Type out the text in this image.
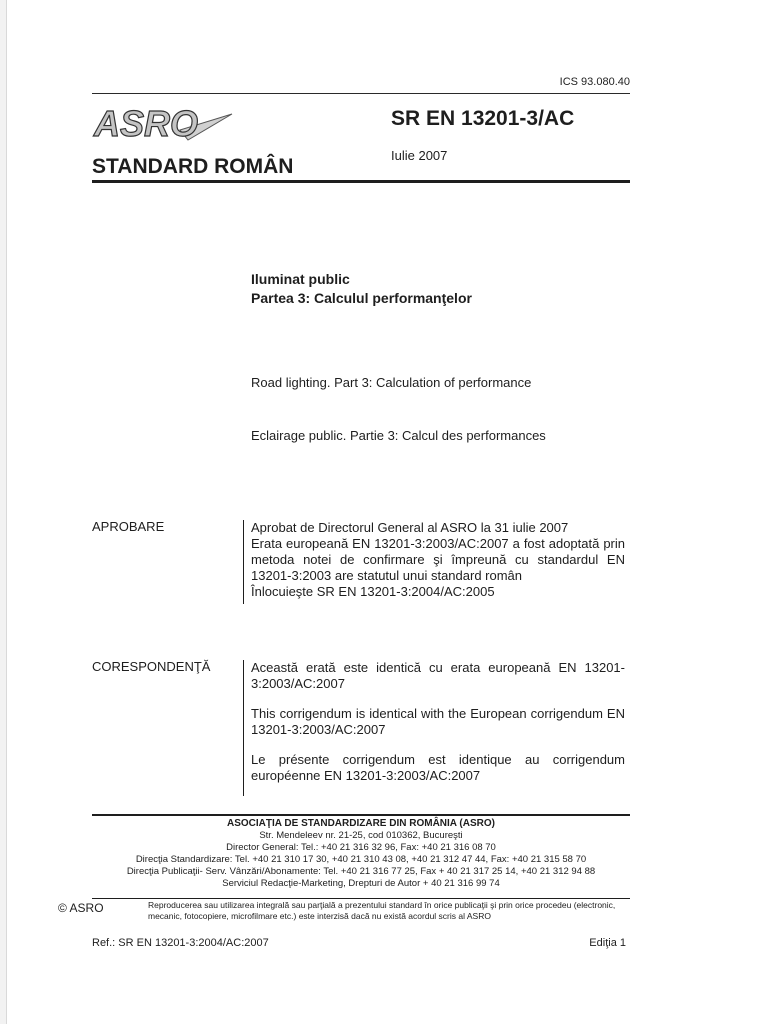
ICS 93.080.40
ASRO	SR EN 13201-3/AC
STANDARD ROMÂN	Iulie 2007
Iluminat public
Partea 3: Calculul performanţelor
Road lighting. Part 3: Calculation of performance
Eclairage public. Partie 3: Calcul des performances
APROBARE	Aprobat de Directorul General al ASRO la 31 iulie 2007
Erata europeană EN 13201-3:2003/AC:2007 a fost adoptată prin metoda notei de confirmare şi împreună cu standardul EN 13201-3:2003 are statutul unui standard român
Înlocuieşte SR EN 13201-3:2004/AC:2005
CORESPONDENŢĂ	Această erată este identică cu erata europeană EN 13201-3:2003/AC:2007

This corrigendum is identical with the European corrigendum EN 13201-3:2003/AC:2007

Le présente corrigendum est identique au corrigendum européenne EN 13201-3:2003/AC:2007

ASOCIAŢIA DE STANDARDIZARE DIN ROMÂNIA (ASRO)
Str. Mendeleev nr. 21-25, cod 010362, Bucureşti
Director General: Tel.: +40 21 316 32 96, Fax: +40 21 316 08 70
Direcţia Standardizare: Tel. +40 21 310 17 30, +40 21 310 43 08, +40 21 312 47 44, Fax: +40 21 315 58 70
Direcţia Publicaţii- Serv. Vânzări/Abonamente: Tel. +40 21 316 77 25, Fax + 40 21 317 25 14, +40 21 312 94 88
Serviciul Redacţie-Marketing, Drepturi de Autor + 40 21 316 99 74
© ASRO	Reproducerea sau utilizarea integrală sau parţială a prezentului standard în orice publicaţii şi prin orice procedeu (electronic, mecanic, fotocopiere, microfilmare etc.) este interzisă dacă nu există acordul scris al ASRO
Ref.: SR EN 13201-3:2004/AC:2007	Ediţia 1
